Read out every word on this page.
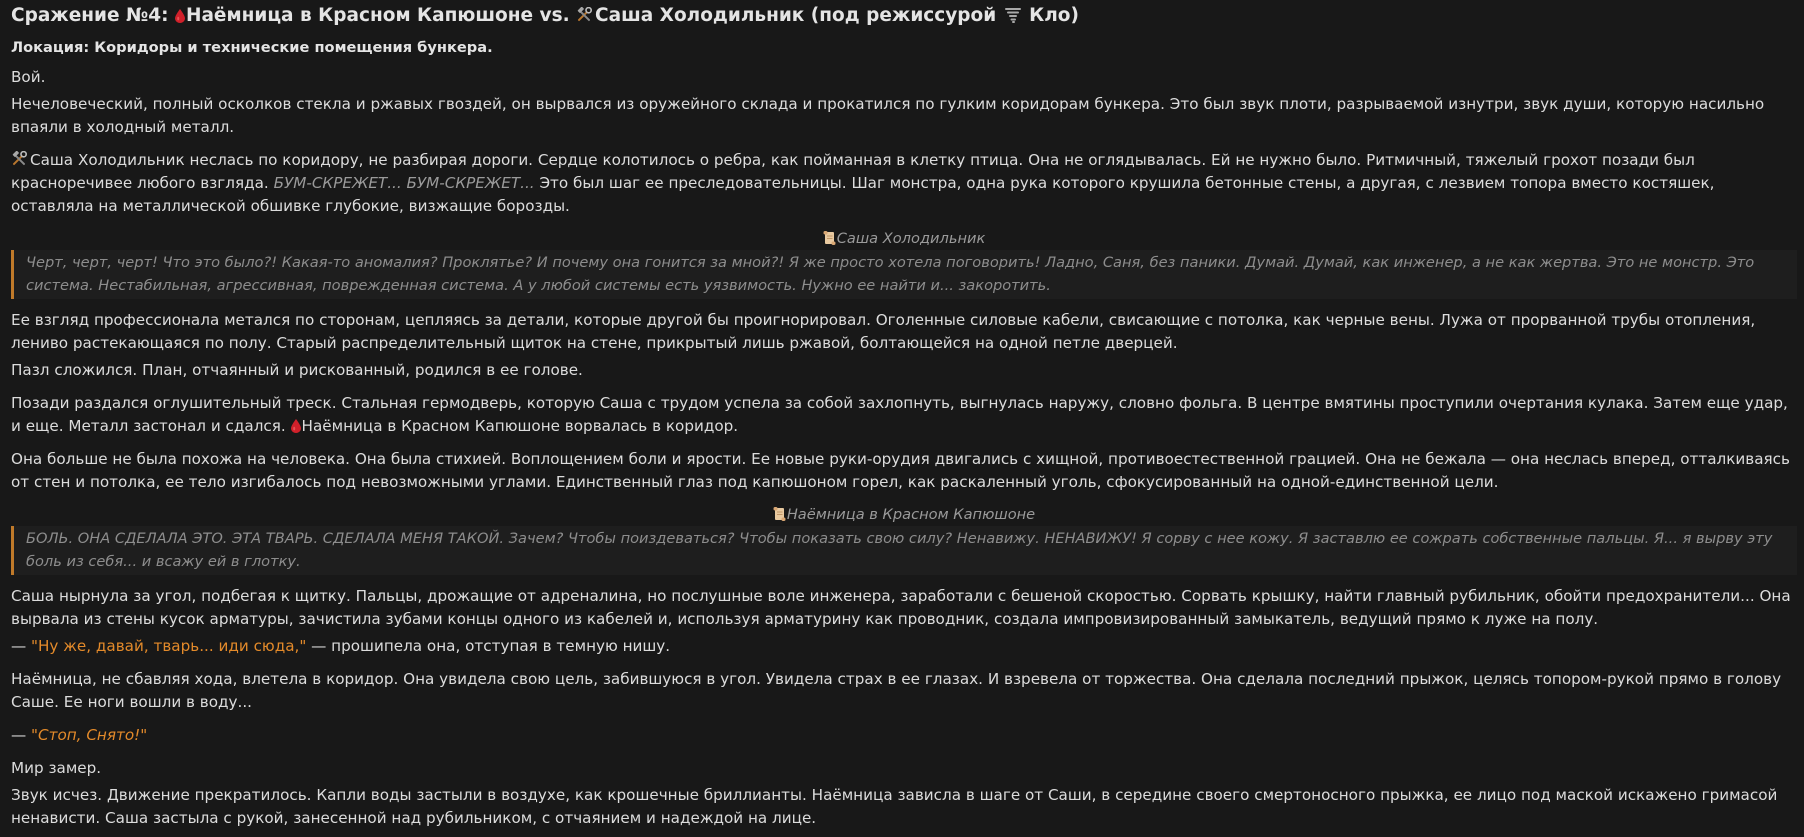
Сражение №4: Наёмница в Красном Капюшоне vs. Саша Холодильник (под режиссурой  Кло)
Локация: Коридоры и технические помещения бункера.

Вой.

Нечеловеческий, полный осколков стекла и ржавых гвоздей, он вырвался из оружейного склада и прокатился по гулким коридорам бункера. Это был звук плоти, разрываемой изнутри, звук души, которую насильно впаяли в холодный металл.

Саша Холодильник неслась по коридору, не разбирая дороги. Сердце колотилось о ребра, как пойманная в клетку птица. Она не оглядывалась. Ей не нужно было. Ритмичный, тяжелый грохот позади был красноречивее любого взгляда. БУМ-СКРЕЖЕТ... БУМ-СКРЕЖЕТ... Это был шаг ее преследовательницы. Шаг монстра, одна рука которого крушила бетонные стены, а другая, с лезвием топора вместо костяшек, оставляла на металлической обшивке глубокие, визжащие борозды.

Саша Холодильник
Черт, черт, черт! Что это было?! Какая-то аномалия? Проклятье? И почему она гонится за мной?! Я же просто хотела поговорить! Ладно, Саня, без паники. Думай. Думай, как инженер, а не как жертва. Это не монстр. Это система. Нестабильная, агрессивная, поврежденная система. А у любой системы есть уязвимость. Нужно ее найти и... закоротить.

Ее взгляд профессионала метался по сторонам, цепляясь за детали, которые другой бы проигнорировал. Оголенные силовые кабели, свисающие с потолка, как черные вены. Лужа от прорванной трубы отопления, лениво растекающаяся по полу. Старый распределительный щиток на стене, прикрытый лишь ржавой, болтающейся на одной петле дверцей.

Пазл сложился. План, отчаянный и рискованный, родился в ее голове.

Позади раздался оглушительный треск. Стальная гермодверь, которую Саша с трудом успела за собой захлопнуть, выгнулась наружу, словно фольга. В центре вмятины проступили очертания кулака. Затем еще удар, и еще. Металл застонал и сдался. Наёмница в Красном Капюшоне ворвалась в коридор.

Она больше не была похожа на человека. Она была стихией. Воплощением боли и ярости. Ее новые руки-орудия двигались с хищной, противоестественной грацией. Она не бежала — она неслась вперед, отталкиваясь от стен и потолка, ее тело изгибалось под невозможными углами. Единственный глаз под капюшоном горел, как раскаленный уголь, сфокусированный на одной-единственной цели.

Наёмница в Красном Капюшоне
БОЛЬ. ОНА СДЕЛАЛА ЭТО. ЭТА ТВАРЬ. СДЕЛАЛА МЕНЯ ТАКОЙ. Зачем? Чтобы поиздеваться? Чтобы показать свою силу? Ненавижу. НЕНАВИЖУ! Я сорву с нее кожу. Я заставлю ее сожрать собственные пальцы. Я... я вырву эту боль из себя... и всажу ей в глотку.

Саша нырнула за угол, подбегая к щитку. Пальцы, дрожащие от адреналина, но послушные воле инженера, заработали с бешеной скоростью. Сорвать крышку, найти главный рубильник, обойти предохранители... Она вырвала из стены кусок арматуры, зачистила зубами концы одного из кабелей и, используя арматурину как проводник, создала импровизированный замыкатель, ведущий прямо к луже на полу.

— "Ну же, давай, тварь... иди сюда," — прошипела она, отступая в темную нишу.

Наёмница, не сбавляя хода, влетела в коридор. Она увидела свою цель, забившуюся в угол. Увидела страх в ее глазах. И взревела от торжества. Она сделала последний прыжок, целясь топором-рукой прямо в голову Саше. Ее ноги вошли в воду...

— "Стоп, Снято!"

Мир замер.

Звук исчез. Движение прекратилось. Капли воды застыли в воздухе, как крошечные бриллианты. Наёмница зависла в шаге от Саши, в середине своего смертоносного прыжка, ее лицо под маской искажено гримасой ненависти. Саша застыла с рукой, занесенной над рубильником, с отчаянием и надеждой на лице.
